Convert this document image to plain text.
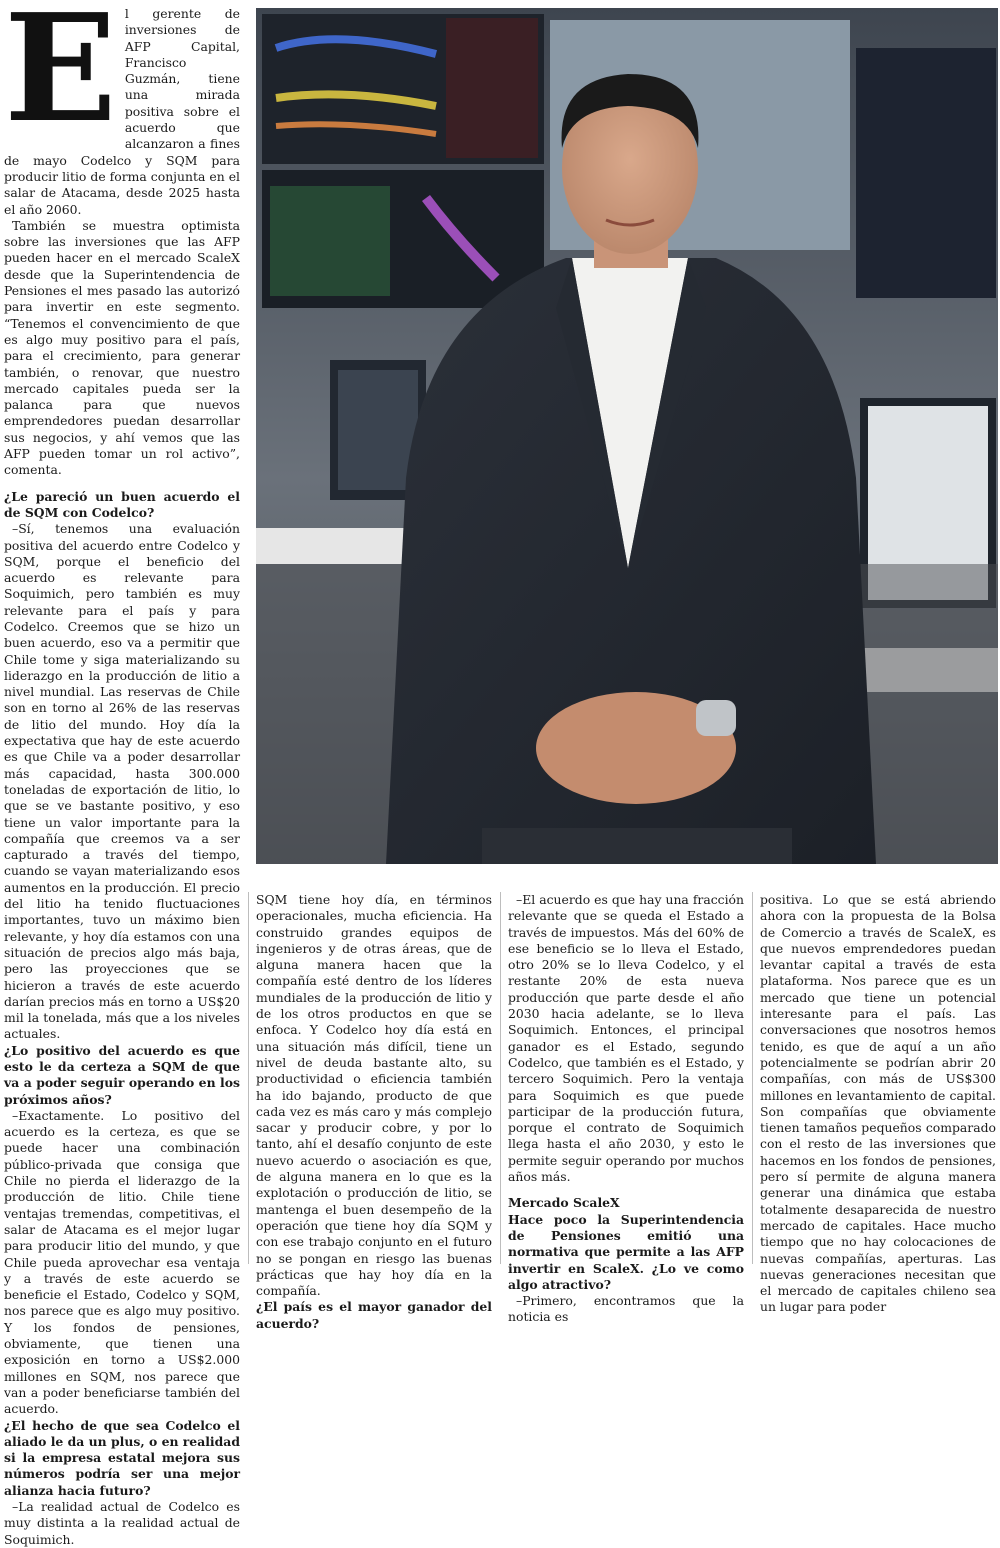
E l gerente de inversiones de AFP Capital, Francisco Guzmán, tiene una mirada positiva sobre el acuerdo que alcanzaron a fines de mayo Codelco y SQM para producir litio de forma conjunta en el salar de Atacama, desde 2025 hasta el año 2060.

También se muestra optimista sobre las inversiones que las AFP pueden hacer en el mercado ScaleX desde que la Superintendencia de Pensiones el mes pasado las autorizó para invertir en este segmento. “Tenemos el convencimiento de que es algo muy positivo para el país, para el crecimiento, para generar también, o renovar, que nuestro mercado capitales pueda ser la palanca para que nuevos emprendedores puedan desarrollar sus negocios, y ahí vemos que las AFP pueden tomar un rol activo”, comenta.

¿Le pareció un buen acuerdo el de SQM con Codelco?

–Sí, tenemos una evaluación positiva del acuerdo entre Codelco y SQM, porque el beneficio del acuerdo es relevante para Soquimich, pero también es muy relevante para el país y para Codelco. Creemos que se hizo un buen acuerdo, eso va a permitir que Chile tome y siga materializando su liderazgo en la producción de litio a nivel mundial. Las reservas de Chile son en torno al 26% de las reservas de litio del mundo. Hoy día la expectativa que hay de este acuerdo es que Chile va a poder desarrollar más capacidad, hasta 300.000 toneladas de exportación de litio, lo que se ve bastante positivo, y eso tiene un valor importante para la compañía que creemos va a ser capturado a través del tiempo, cuando se vayan materializando esos aumentos en la producción. El precio del litio ha tenido fluctuaciones importantes, tuvo un máximo bien relevante, y hoy día estamos con una situación de precios algo más baja, pero las proyecciones que se hicieron a través de este acuerdo darían precios más en torno a US$20 mil la tonelada, más que a los niveles actuales.

¿Lo positivo del acuerdo es que esto le da certeza a SQM de que va a poder seguir operando en los próximos años?

–Exactamente. Lo positivo del acuerdo es la certeza, es que se puede hacer una combinación público-privada que consiga que Chile no pierda el liderazgo de la producción de litio. Chile tiene ventajas tremendas, competitivas, el salar de Atacama es el mejor lugar para producir litio del mundo, y que Chile pueda aprovechar esa ventaja y a través de este acuerdo se beneficie el Estado, Codelco y SQM, nos parece que es algo muy positivo. Y los fondos de pensiones, obviamente, que tienen una exposición en torno a US$2.000 millones en SQM, nos parece que van a poder beneficiarse también del acuerdo.

¿El hecho de que sea Codelco el aliado le da un plus, o en realidad si la empresa estatal mejora sus números podría ser una mejor alianza hacia futuro?

–La realidad actual de Codelco es muy distinta a la realidad actual de Soquimich.

SQM tiene hoy día, en términos operacionales, mucha eficiencia. Ha construido grandes equipos de ingenieros y de otras áreas, que de alguna manera hacen que la compañía esté dentro de los líderes mundiales de la producción de litio y de los otros productos en que se enfoca. Y Codelco hoy día está en una situación más difícil, tiene un nivel de deuda bastante alto, su productividad o eficiencia también ha ido bajando, producto de que cada vez es más caro y más complejo sacar y producir cobre, y por lo tanto, ahí el desafío conjunto de este nuevo acuerdo o asociación es que, de alguna manera en lo que es la explotación o producción de litio, se mantenga el buen desempeño de la operación que tiene hoy día SQM y con ese trabajo conjunto en el futuro no se pongan en riesgo las buenas prácticas que hay hoy día en la compañía.

¿El país es el mayor ganador del acuerdo?

–El acuerdo es que hay una fracción relevante que se queda el Estado a través de impuestos. Más del 60% de ese beneficio se lo lleva el Estado, otro 20% se lo lleva Codelco, y el restante 20% de esta nueva producción que parte desde el año 2030 hacia adelante, se lo lleva Soquimich. Entonces, el principal ganador es el Estado, segundo Codelco, que también es el Estado, y tercero Soquimich. Pero la ventaja para Soquimich es que puede participar de la producción futura, porque el contrato de Soquimich llega hasta el año 2030, y esto le permite seguir operando por muchos años más.

Mercado ScaleX

Hace poco la Superintendencia de Pensiones emitió una normativa que permite a las AFP invertir en ScaleX. ¿Lo ve como algo atractivo?

–Primero, encontramos que la noticia es

positiva. Lo que se está abriendo ahora con la propuesta de la Bolsa de Comercio a través de ScaleX, es que nuevos emprendedores puedan levantar capital a través de esta plataforma. Nos parece que es un mercado que tiene un potencial interesante para el país. Las conversaciones que nosotros hemos tenido, es que de aquí a un año potencialmente se podrían abrir 20 compañías, con más de US$300 millones en levantamiento de capital. Son compañías que obviamente tienen tamaños pequeños comparado con el resto de las inversiones que hacemos en los fondos de pensiones, pero sí permite de alguna manera generar una dinámica que estaba totalmente desaparecida de nuestro mercado de capitales. Hace mucho tiempo que no hay colocaciones de nuevas compañías, aperturas. Las nuevas generaciones necesitan que el mercado de capitales chileno sea un lugar para poder
